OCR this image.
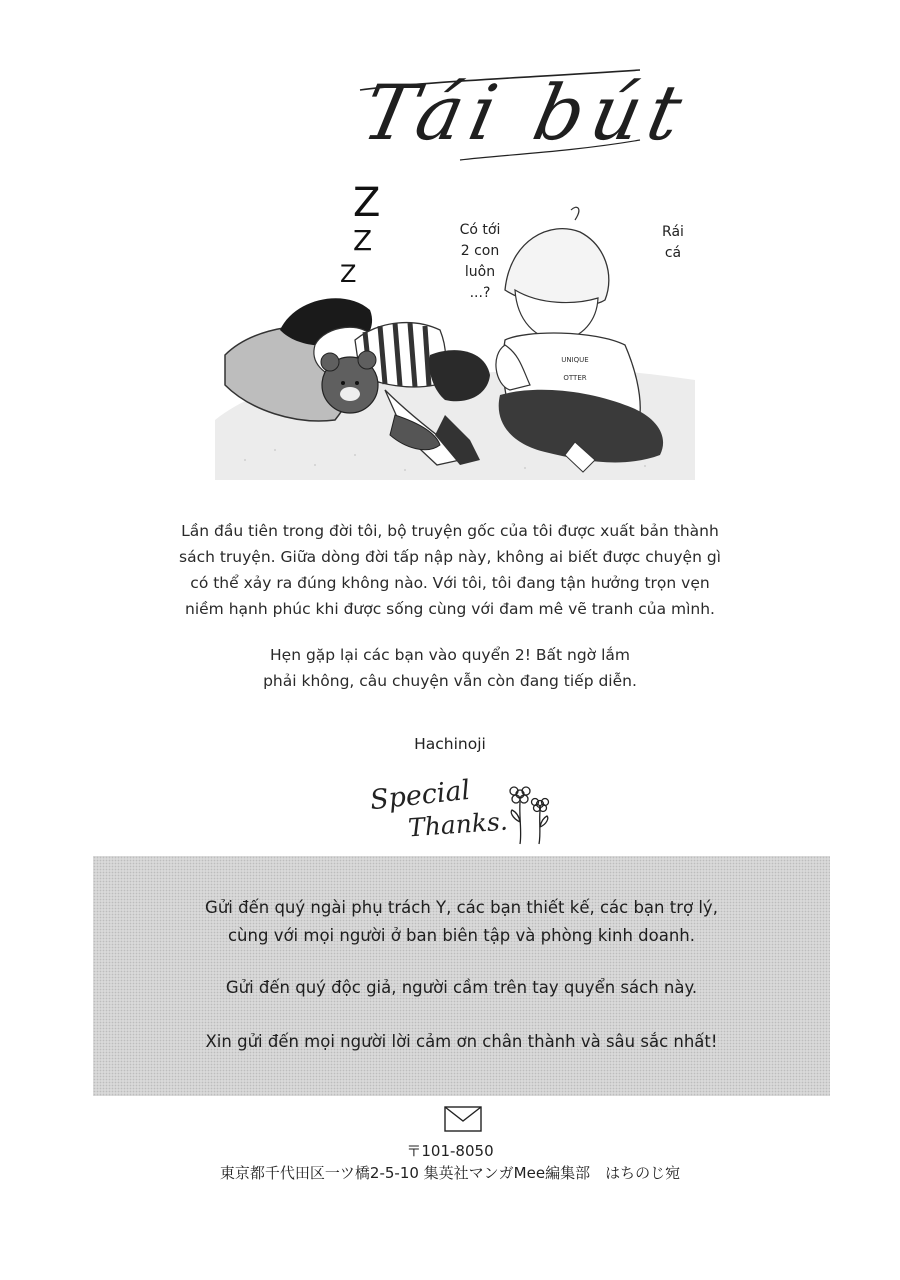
Tái bút
UNIQUE
OTTER
Z
Z
Z
Có tới
2 con
luôn
...?
Rái
cá
Lần đầu tiên trong đời tôi, bộ truyện gốc của tôi được xuất bản thành
sách truyện. Giữa dòng đời tấp nập này, không ai biết được chuyện gì
có thể xảy ra đúng không nào. Với tôi, tôi đang tận hưởng trọn vẹn
niềm hạnh phúc khi được sống cùng với đam mê vẽ tranh của mình.
Hẹn gặp lại các bạn vào quyển 2! Bất ngờ lắm
phải không, câu chuyện vẫn còn đang tiếp diễn.
Hachinoji
Special
Thanks.
Gửi đến quý ngài phụ trách Y, các bạn thiết kế, các bạn trợ lý,
cùng với mọi người ở ban biên tập và phòng kinh doanh.
Gửi đến quý độc giả, người cầm trên tay quyển sách này.
Xin gửi đến mọi người lời cảm ơn chân thành và sâu sắc nhất!
〒101-8050
東京都千代田区一ツ橋2-5-10 集英社マンガMee編集部　はちのじ宛
